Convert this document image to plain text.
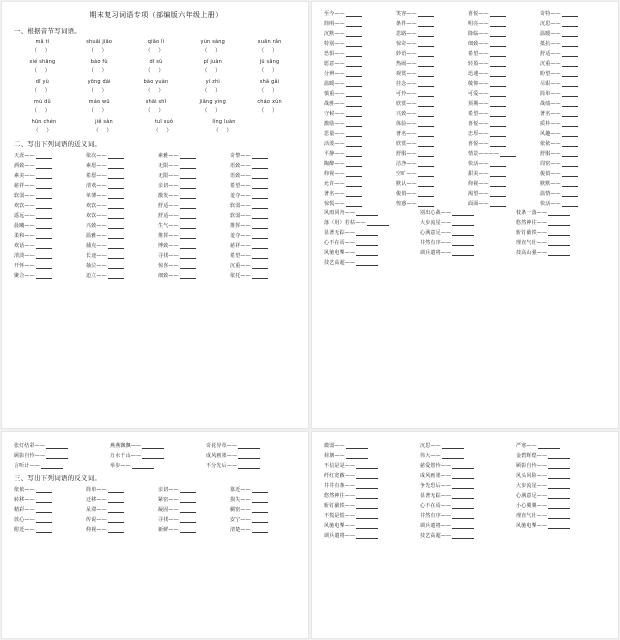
期末复习词语专项（部编版六年级上册）
一、根据音节写词语。
mǎ tí	shuāi jiāo	qiāo lì	yùn sàng	xuān rǎn
（ ）	（ ）	（ ）	（ ）	（ ）
xié shāng	bào fù	dī sù	pǐ juàn	jū sǎng
（ ）	（ ）	（ ）	（ ）	（ ）
dī yù	yōng dài	bào yuàn	yí zhì	shā gǎi
（ ）	（ ）	（ ）	（ ）	（ ）
mù dǔ	máo wū	shāi shǐ	jiāng yìng	cháo xùn
（ ）	（ ）	（ ）	（ ）	（ ）
hūn chén	jiě sàn	tuī suǒ	líng luàn
（ ）	（ ）	（ ）	（ ）
二、写出下列词语的近义词。
天涯——	依次——	素雅——	奇黎——
酒致——	素愿——	无限——	语致——
素美——	希愿——	无限——	语致——
慈祥——	清欢——	亲切——	希望——
软弱——	单薄——	激发——	羞夺——
欢饮——	欢饮——	舒适——	软弱——
遥远——	欢饮——	舒适——	软弱——
晨曦——	兴致——	生气——	推挥——
柔和——	温雅——	推挥——	羞夺——
欢话——	捕克——	博致——	慈祥——
清淡——	长途——	寻找——	希望——
开怀——	抽泣——	惊喜——	沉重——
聚合——	迫立——	细致——	依托——
至今——	笑容——	喜悦——	奇特——
简明——	条件——	明亮——	沉思——
沉默——	思路——	降临——	温暖——
特别——	惊奇——	细致——	抵抗——
恐惧——	妙语——	希望——	舒适——
愿意——	热闹——	轻盈——	沉重——
分辨——	观赏——	迅速——	盼望——
温暖——	挂念——	敬仰——	尽职——
慎重——	可怜——	可爱——	简单——
战胜——	欣赏——	预期——	战绩——
守候——	兴致——	希望——	著名——
激励——	体验——	喜悦——	质朴——
思量——	著名——	忠厚——	风趣——
活泼——	欣赏——	喜悦——	依依——
平静——	舒服——	情景————	舒服——
陶醉——	洁净——	快活——	周密——
仰视——	空旷——	甜美——	俊俏——
允许——	默认——	仰视——	默默——
著名——	俊俏——	渴望——	温情——
惊慌——	惶惑——	面面——	快活——
风雨同舟——	别出心裁——	枝条一落——
落（用）若枯——	大步流星——	悠然神往——
显著无踪——	心满意足——	斩钉截铁——
心不在焉——	井然有序——	理直气壮——
风驰电掣——	调兵遣将——	技高山强——
技艺高超——
张灯结彩——	燕燕飘飘——	奇花异草——
顾影自怜——	万水千山——	成风画墨——
言听计——	举步——	不分先后——
三、写出下列词语的反义词。
依依——	简单——	亲切——	靠近——
转移——	迁移——	紧密——	损失——
精彩——	呆滞——	凝固——	稠密——
放心——	传说——	寻找——	安宁——
附近——	仰视——	新鲜——	清楚——
微弱——	沉思——	严寒——
荷塘——	伟大——	金碧辉煌——
不信是是——	慈爱悠怜——	顾影自怜——
纤红宽敞——	成风画墨——	风头风险——
井井有条——	争先恐后——	大步流星——
悠然神往——	显著无踪——	心满意足——
斩钉截铁——	心不在焉——	小心翼翼——
不慌是慌——	井然有序——	理直气壮——
风驰电掣——	调兵遣将——	风驰电掣——
调兵遣将——	技艺高超——
